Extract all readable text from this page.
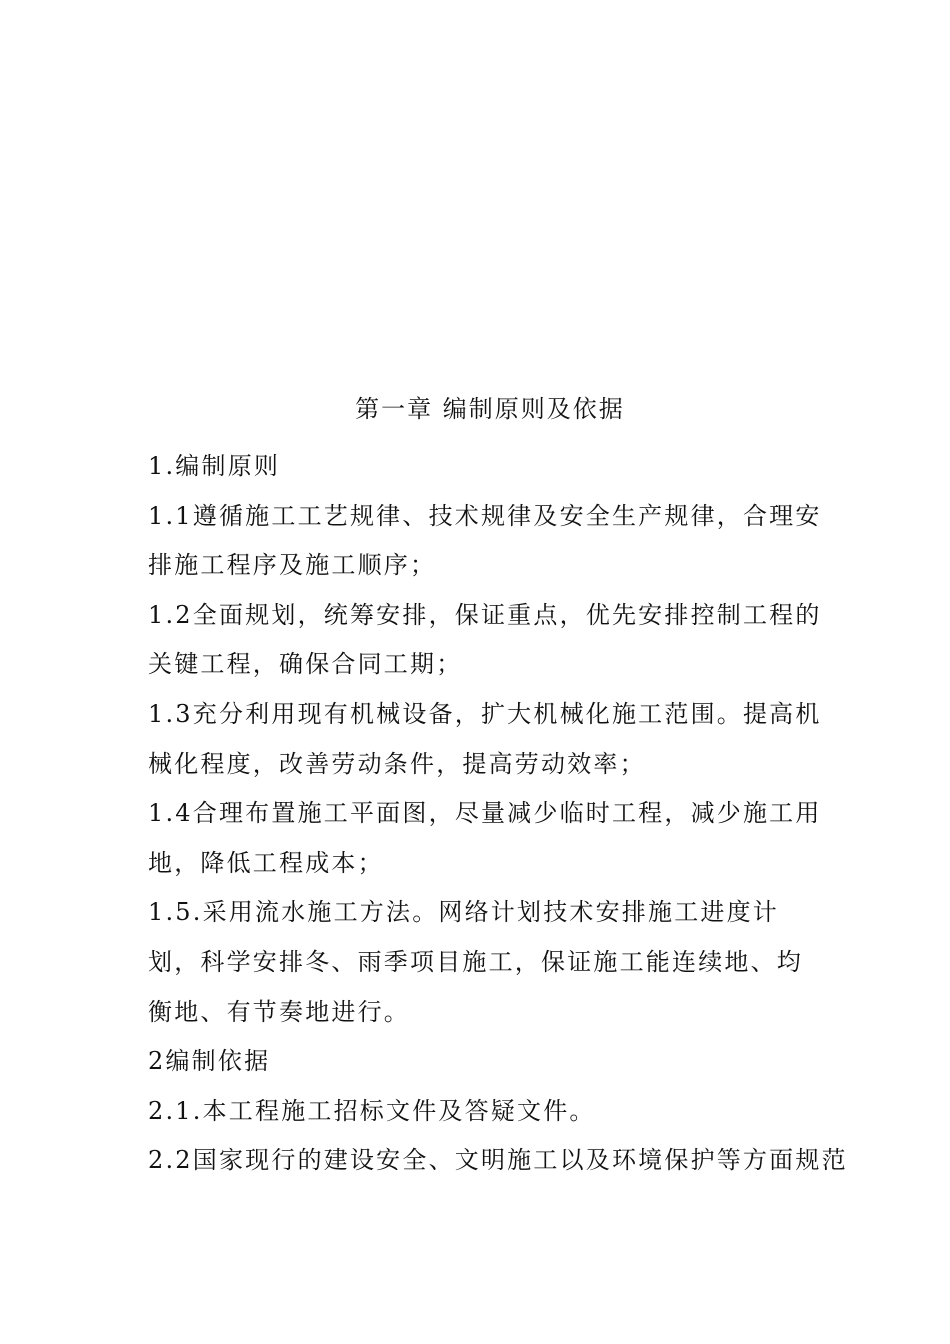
第一章 编制原则及依据
1.编制原则
1.1遵循施工工艺规律、技术规律及安全生产规律，合理安
排施工程序及施工顺序；
1.2全面规划，统筹安排，保证重点，优先安排控制工程的
关键工程，确保合同工期；
1.3充分利用现有机械设备，扩大机械化施工范围。提高机
械化程度，改善劳动条件，提高劳动效率；
1.4合理布置施工平面图，尽量减少临时工程，减少施工用
地，降低工程成本；
1.5.采用流水施工方法。网络计划技术安排施工进度计
划，科学安排冬、雨季项目施工，保证施工能连续地、均
衡地、有节奏地进行。
2编制依据
2.1.本工程施工招标文件及答疑文件。
2.2国家现行的建设安全、文明施工以及环境保护等方面规范
